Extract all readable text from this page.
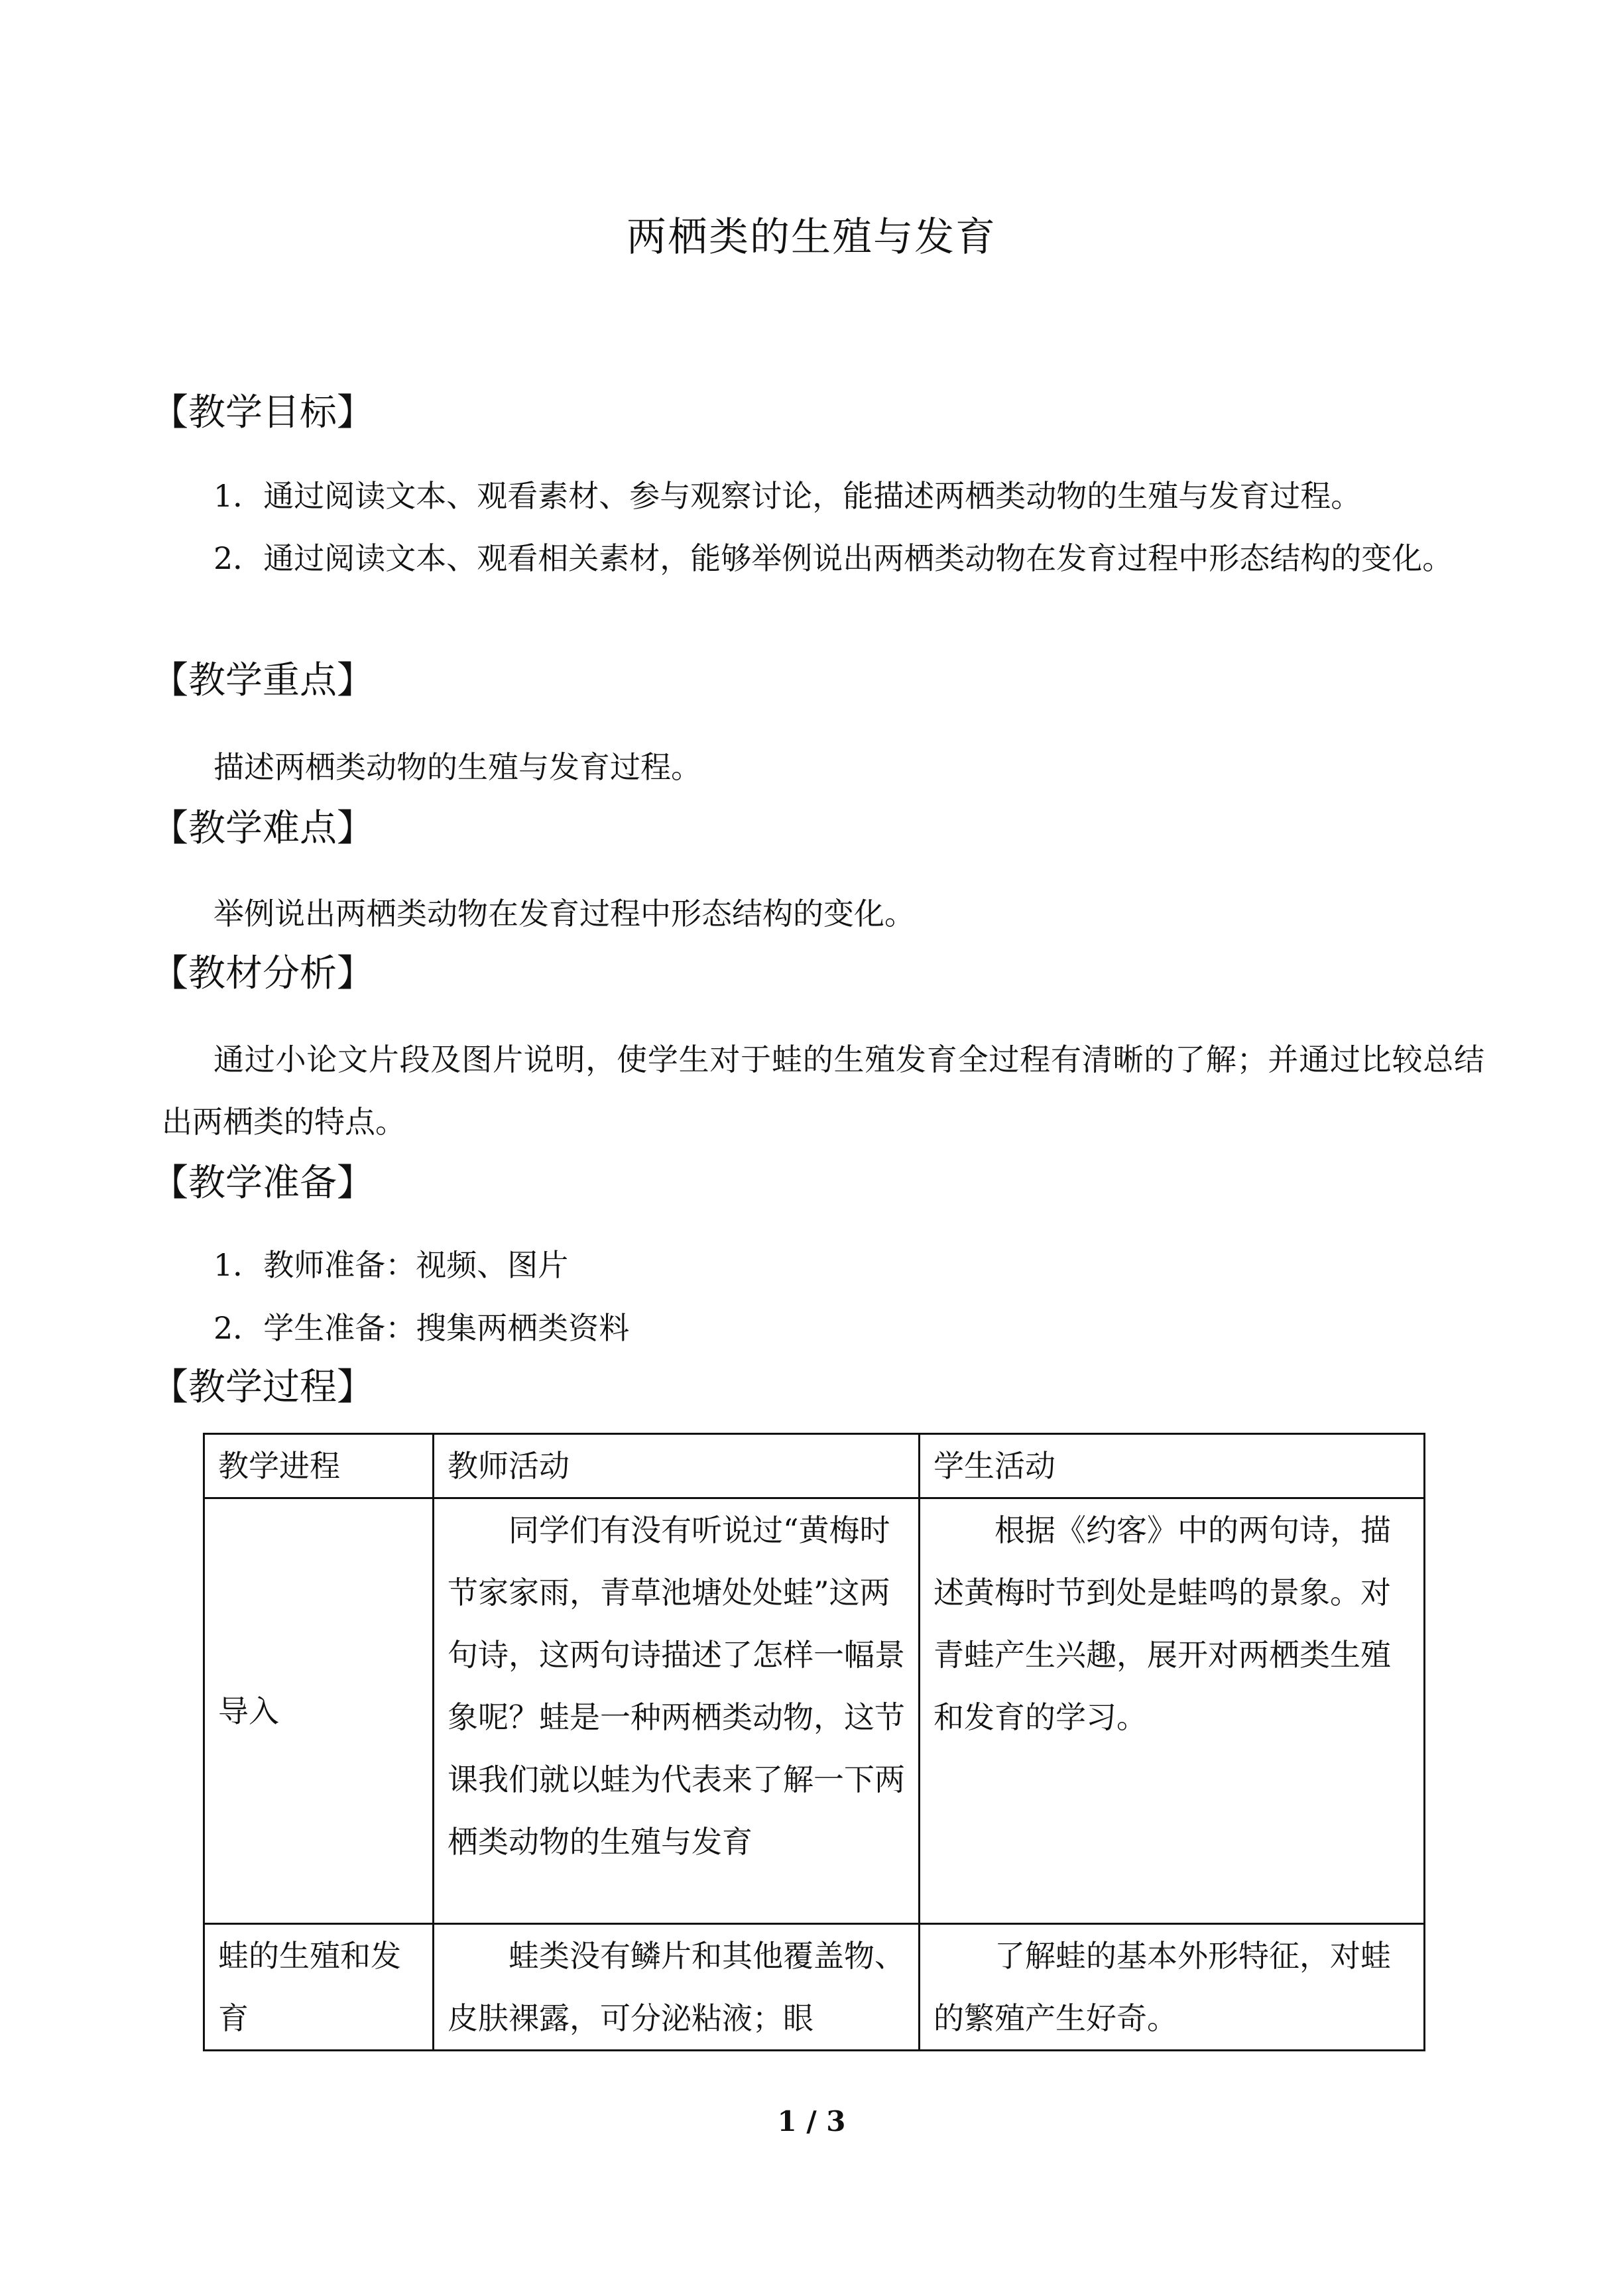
两栖类的生殖与发育
【教学目标】
1．通过阅读文本、观看素材、参与观察讨论，能描述两栖类动物的生殖与发育过程。
2．通过阅读文本、观看相关素材，能够举例说出两栖类动物在发育过程中形态结构的变化。
【教学重点】
描述两栖类动物的生殖与发育过程。
【教学难点】
举例说出两栖类动物在发育过程中形态结构的变化。
【教材分析】
通过小论文片段及图片说明，使学生对于蛙的生殖发育全过程有清晰的了解；并通过比较总结出两栖类的特点。
【教学准备】
1．教师准备：视频、图片
2．学生准备：搜集两栖类资料
【教学过程】
教学进程	教师活动	学生活动
导入	同学们有没有听说过“黄梅时节家家雨，青草池塘处处蛙”这两句诗，这两句诗描述了怎样一幅景象呢？蛙是一种两栖类动物，这节课我们就以蛙为代表来了解一下两栖类动物的生殖与发育	根据《约客》中的两句诗，描述黄梅时节到处是蛙鸣的景象。对青蛙产生兴趣，展开对两栖类生殖和发育的学习。
蛙的生殖和发育	蛙类没有鳞片和其他覆盖物、皮肤裸露，可分泌粘液；眼	了解蛙的基本外形特征，对蛙的繁殖产生好奇。
1 / 3
